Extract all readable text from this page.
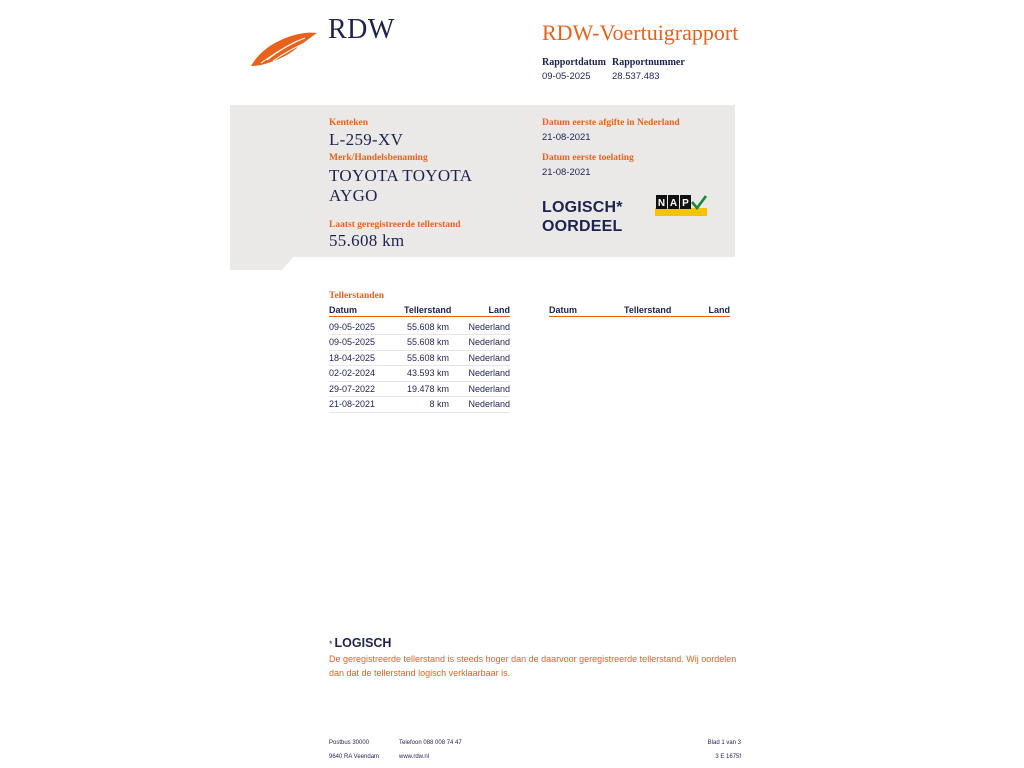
RDW	RDW-Voertuigrapport
Rapportdatum
09-05-2025
Rapportnummer
28.537.483
Kenteken
L-259-XV
Merk/Handelsbenaming
TOYOTA TOYOTA
AYGO
Laatst geregistreerde tellerstand
55.608 km
Datum eerste afgifte in Nederland
21-08-2021
Datum eerste toelating
21-08-2021
LOGISCH*
OORDEEL
N A P
Tellerstanden
Datum	Tellerstand	Land	Datum	Tellerstand	Land
09-05-2025	55.608 km	Nederland
09-05-2025	55.608 km	Nederland
18-04-2025	55.608 km	Nederland
02-02-2024	43.593 km	Nederland
29-07-2022	19.478 km	Nederland
21-08-2021	8 km	Nederland
* LOGISCH
De geregistreerde tellerstand is steeds hoger dan de daarvoor geregistreerde tellerstand. Wij oordelen dan dat de tellerstand logisch verklaarbaar is.
Postbus 30000
9640 RA Veendam
Telefoon 088 008 74 47
www.rdw.nl
Blad 1 van 3
3 E 1675f
